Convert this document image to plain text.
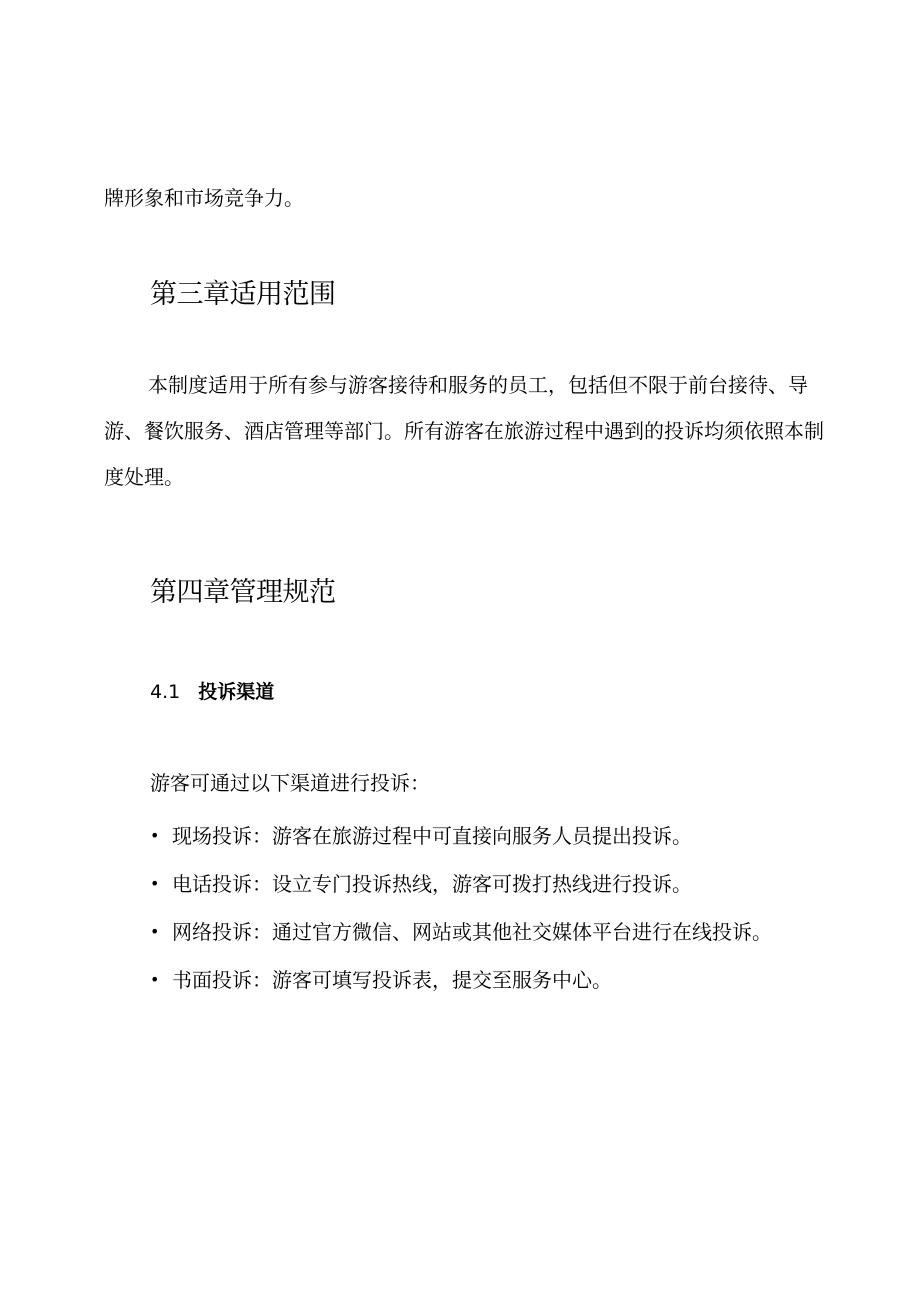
牌形象和市场竞争力。

第三章适用范围

本制度适用于所有参与游客接待和服务的员工，包括但不限于前台接待、导游、餐饮服务、酒店管理等部门。所有游客在旅游过程中遇到的投诉均须依照本制度处理。

第四章管理规范
4.1 投诉渠道

游客可通过以下渠道进行投诉：

• 现场投诉：游客在旅游过程中可直接向服务人员提出投诉。
• 电话投诉：设立专门投诉热线，游客可拨打热线进行投诉。
• 网络投诉：通过官方微信、网站或其他社交媒体平台进行在线投诉。
• 书面投诉：游客可填写投诉表，提交至服务中心。
